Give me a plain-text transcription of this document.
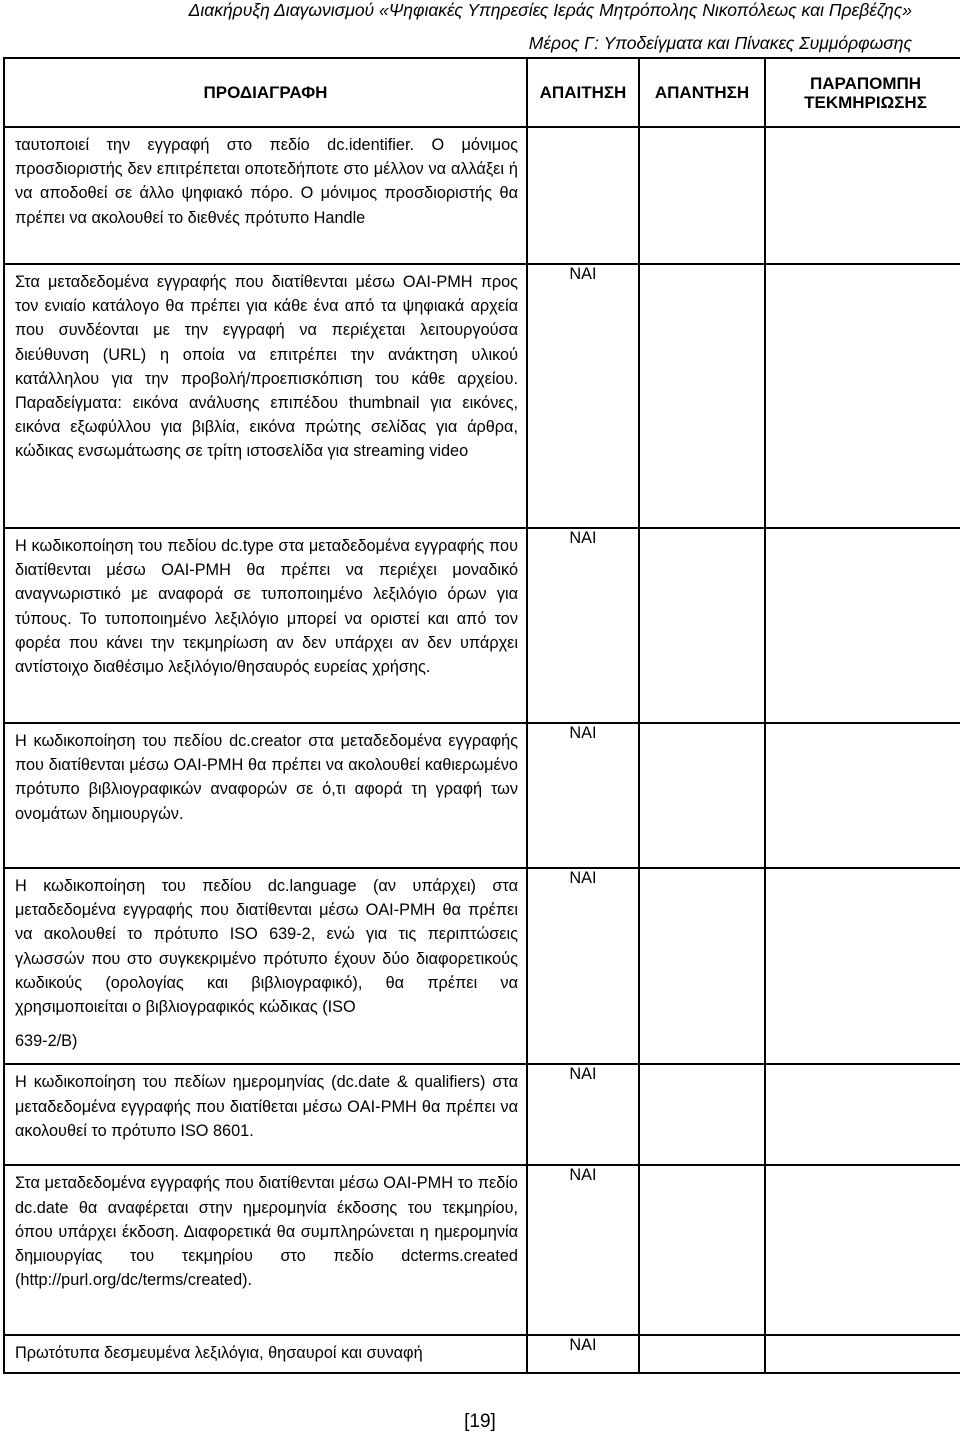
Διακήρυξη Διαγωνισμού «Ψηφιακές Υπηρεσίες Ιεράς Μητρόπολης Νικοπόλεως και Πρεβέζης»
Μέρος Γ: Υποδείγματα και Πίνακες Συμμόρφωσης
ΠΡΟΔΙΑΓΡΑΦΗ	ΑΠΑΙΤΗΣΗ	ΑΠΑΝΤΗΣΗ	ΠΑΡΑΠΟΜΠΗ ΤΕΚΜΗΡΙΩΣΗΣ

ταυτοποιεί την εγγραφή στο πεδίο dc.identifier. Ο μόνιμος προσδιοριστής δεν επιτρέπεται οποτεδήποτε στο μέλλον να αλλάξει ή να αποδοθεί σε άλλο ψηφιακό πόρο. Ο μόνιμος προσδιοριστής θα πρέπει να ακολουθεί το διεθνές πρότυπο Handle			

Στα μεταδεδομένα εγγραφής που διατίθενται μέσω OAI-PMH προς τον ενιαίο κατάλογο θα πρέπει για κάθε ένα από τα ψηφιακά αρχεία που συνδέονται με την εγγραφή να περιέχεται λειτουργούσα διεύθυνση (URL) η οποία να επιτρέπει την ανάκτηση υλικού κατάλληλου για την προβολή/προεπισκόπιση του κάθε αρχείου. Παραδείγματα: εικόνα ανάλυσης επιπέδου thumbnail για εικόνες, εικόνα εξωφύλλου για βιβλία, εικόνα πρώτης σελίδας για άρθρα, κώδικας ενσωμάτωσης σε τρίτη ιστοσελίδα για streaming video	ΝΑΙ		

Η κωδικοποίηση του πεδίου dc.type στα μεταδεδομένα εγγραφής που διατίθενται μέσω OAI-PMH θα πρέπει να περιέχει μοναδικό αναγνωριστικό με αναφορά σε τυποποιημένο λεξιλόγιο όρων για τύπους. Το τυποποιημένο λεξιλόγιο μπορεί να οριστεί και από τον φορέα που κάνει την τεκμηρίωση αν δεν υπάρχει αν δεν υπάρχει αντίστοιχο διαθέσιμο λεξιλόγιο/θησαυρός ευρείας χρήσης.	ΝΑΙ		

Η κωδικοποίηση του πεδίου dc.creator στα μεταδεδομένα εγγραφής που διατίθενται μέσω OAI-PMH θα πρέπει να ακολουθεί καθιερωμένο πρότυπο βιβλιογραφικών αναφορών σε ό,τι αφορά τη γραφή των ονομάτων δημιουργών.	ΝΑΙ		

Η κωδικοποίηση του πεδίου dc.language (αν υπάρχει) στα μεταδεδομένα εγγραφής που διατίθενται μέσω OAI-PMH θα πρέπει να ακολουθεί το πρότυπο ISO 639-2, ενώ για τις περιπτώσεις γλωσσών που στο συγκεκριμένο πρότυπο έχουν δύο διαφορετικούς κωδικούς (ορολογίας και βιβλιογραφικό), θα πρέπει να χρησιμοποιείται ο βιβλιογραφικός κώδικας (ISO

639-2/B)	ΝΑΙ		

Η κωδικοποίηση του πεδίων ημερομηνίας (dc.date & qualifiers) στα μεταδεδομένα εγγραφής που διατίθεται μέσω OAI-PMH θα πρέπει να ακολουθεί το πρότυπο ISO 8601.	ΝΑΙ		

Στα μεταδεδομένα εγγραφής που διατίθενται μέσω OAI-PMH το πεδίο dc.date θα αναφέρεται στην ημερομηνία έκδοσης του τεκμηρίου, όπου υπάρχει έκδοση. Διαφορετικά θα συμπληρώνεται η ημερομηνία δημιουργίας του τεκμηρίου στο πεδίο dcterms.created (http://purl.org/dc/terms/created).	ΝΑΙ		

Πρωτότυπα δεσμευμένα λεξιλόγια, θησαυροί και συναφή	ΝΑΙ		
[19]
